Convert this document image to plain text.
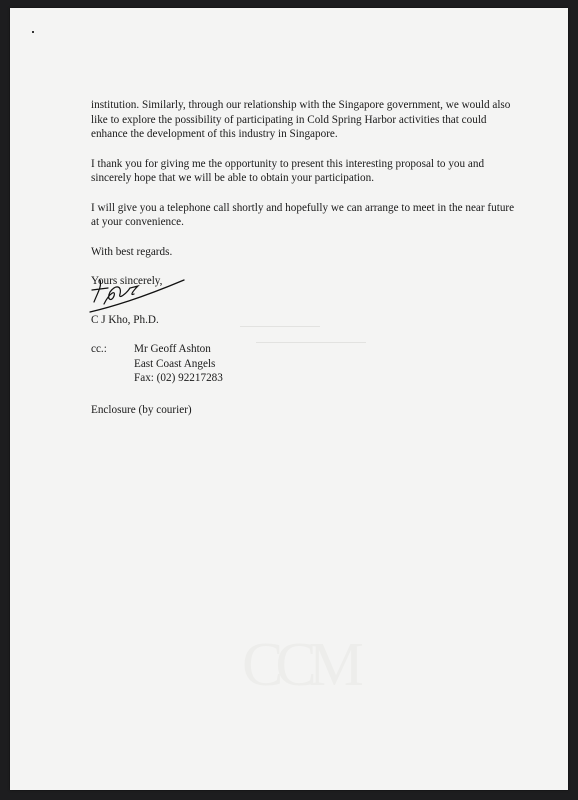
institution. Similarly, through our relationship with the Singapore government, we would also like to explore the possibility of participating in Cold Spring Harbor activities that could enhance the development of this industry in Singapore.

I thank you for giving me the opportunity to present this interesting proposal to you and sincerely hope that we will be able to obtain your participation.

I will give you a telephone call shortly and hopefully we can arrange to meet in the near future at your convenience.

With best regards.

Yours sincerely,

C J Kho, Ph.D.
cc.:	Mr Geoff Ashton
East Coast Angels
Fax: (02) 92217283
Enclosure (by courier)
CCM
